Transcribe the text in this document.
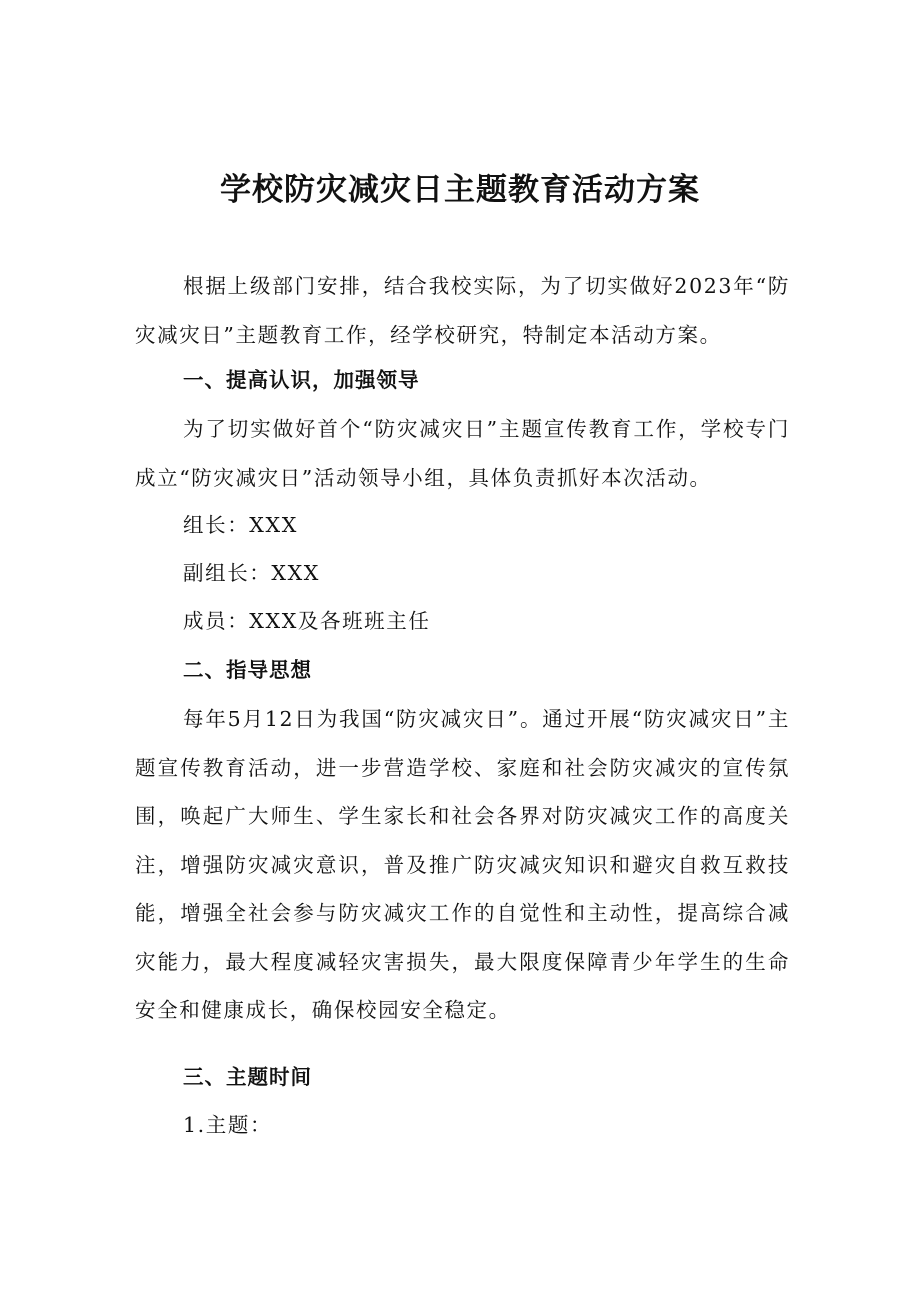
学校防灾减灾日主题教育活动方案

根据上级部门安排，结合我校实际，为了切实做好2023年“防灾减灾日”主题教育工作，经学校研究，特制定本活动方案。

一、提高认识，加强领导

为了切实做好首个“防灾减灾日”主题宣传教育工作，学校专门成立“防灾减灾日”活动领导小组，具体负责抓好本次活动。

组长：XXX
副组长：XXX
成员：XXX及各班班主任
二、指导思想

每年5月12日为我国“防灾减灾日”。通过开展“防灾减灾日”主题宣传教育活动，进一步营造学校、家庭和社会防灾减灾的宣传氛围，唤起广大师生、学生家长和社会各界对防灾减灾工作的高度关注，增强防灾减灾意识，普及推广防灾减灾知识和避灾自救互救技能，增强全社会参与防灾减灾工作的自觉性和主动性，提高综合减灾能力，最大程度减轻灾害损失，最大限度保障青少年学生的生命安全和健康成长，确保校园安全稳定。

三、主题时间
1.主题：
